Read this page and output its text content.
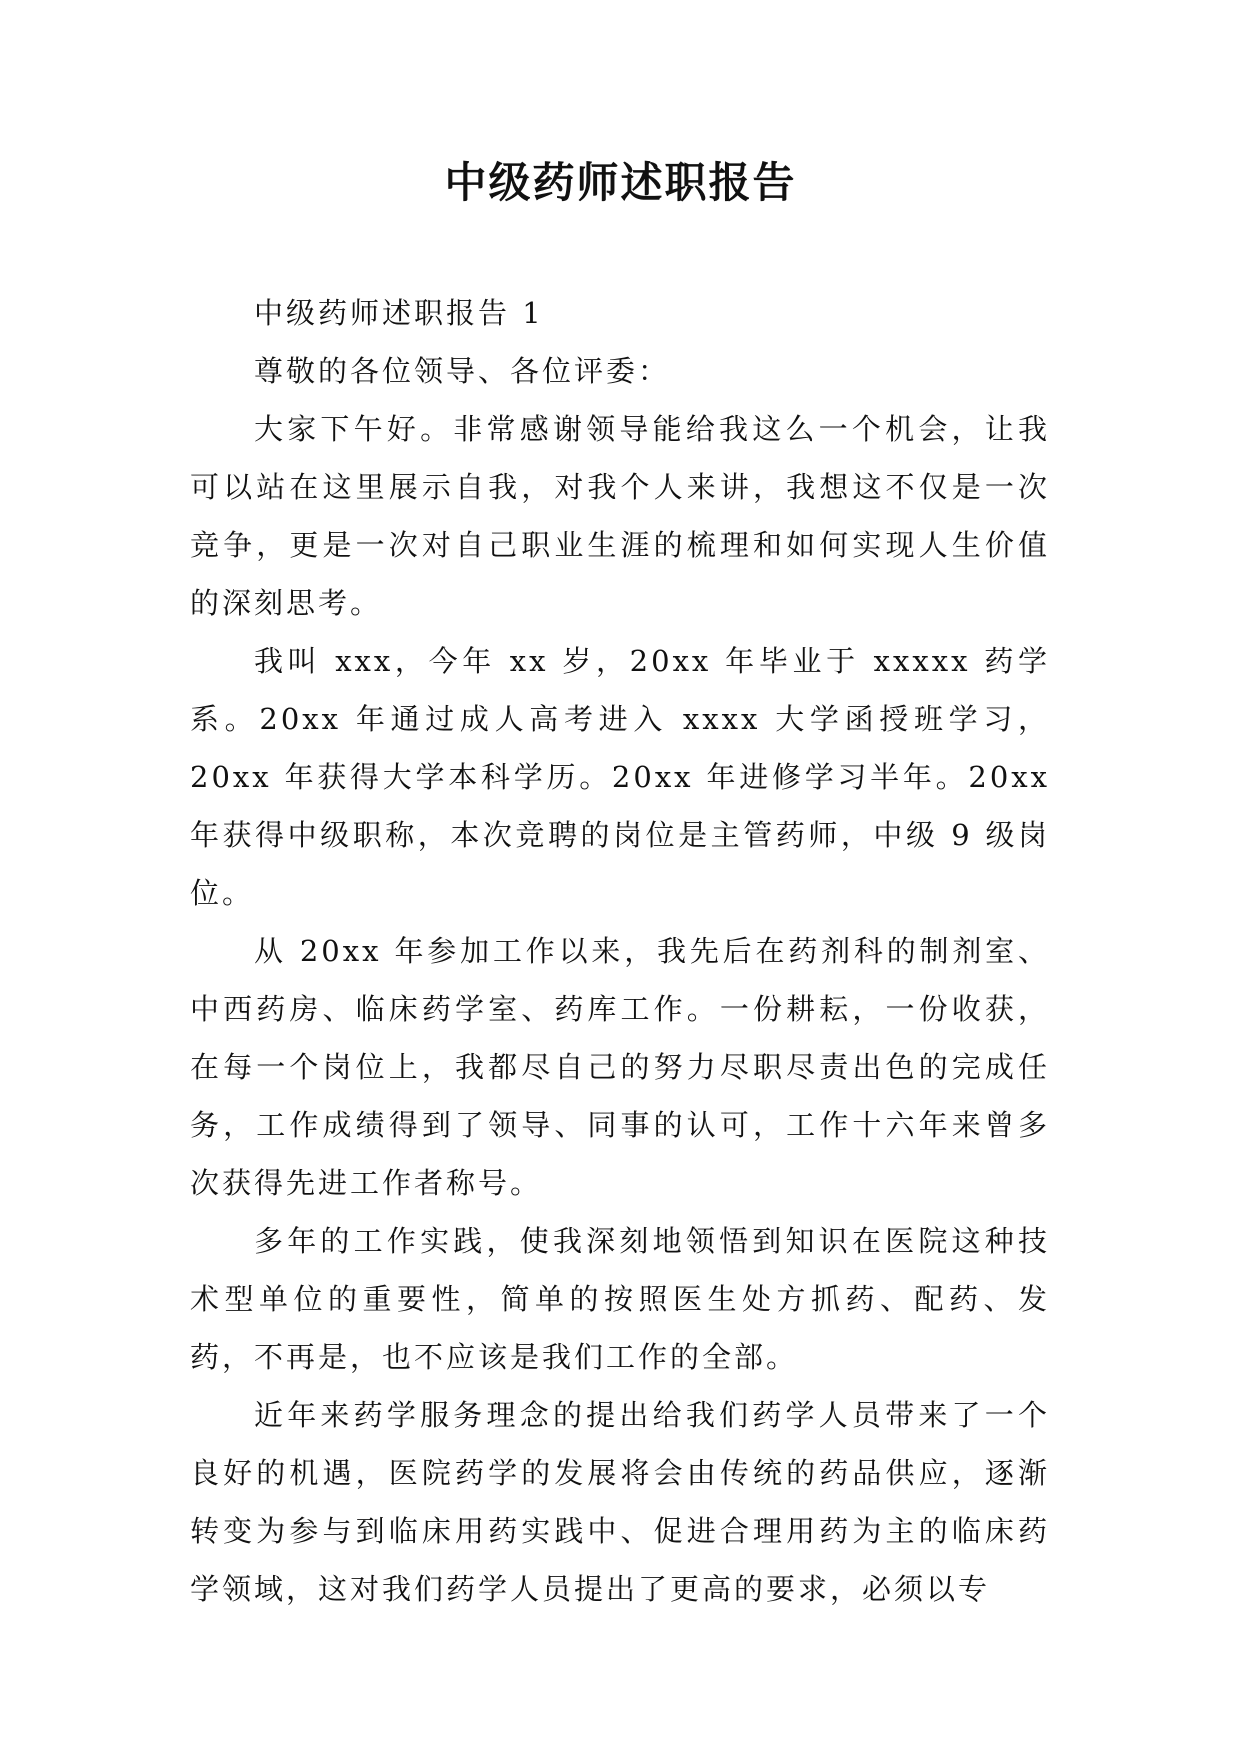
中级药师述职报告

中级药师述职报告 1

尊敬的各位领导、各位评委：

大家下午好。非常感谢领导能给我这么一个机会，让我可以站在这里展示自我，对我个人来讲，我想这不仅是一次竞争，更是一次对自己职业生涯的梳理和如何实现人生价值的深刻思考。

我叫 xxx，今年 xx 岁，20xx 年毕业于 xxxxx 药学系。20xx 年通过成人高考进入 xxxx 大学函授班学习，20xx 年获得大学本科学历。20xx 年进修学习半年。20xx 年获得中级职称，本次竞聘的岗位是主管药师，中级 9 级岗位。

从 20xx 年参加工作以来，我先后在药剂科的制剂室、中西药房、临床药学室、药库工作。一份耕耘，一份收获，在每一个岗位上，我都尽自己的努力尽职尽责出色的完成任务，工作成绩得到了领导、同事的认可，工作十六年来曾多次获得先进工作者称号。

多年的工作实践，使我深刻地领悟到知识在医院这种技术型单位的重要性，简单的按照医生处方抓药、配药、发药，不再是，也不应该是我们工作的全部。

近年来药学服务理念的提出给我们药学人员带来了一个良好的机遇，医院药学的发展将会由传统的药品供应，逐渐转变为参与到临床用药实践中、促进合理用药为主的临床药学领域，这对我们药学人员提出了更高的要求，必须以专
